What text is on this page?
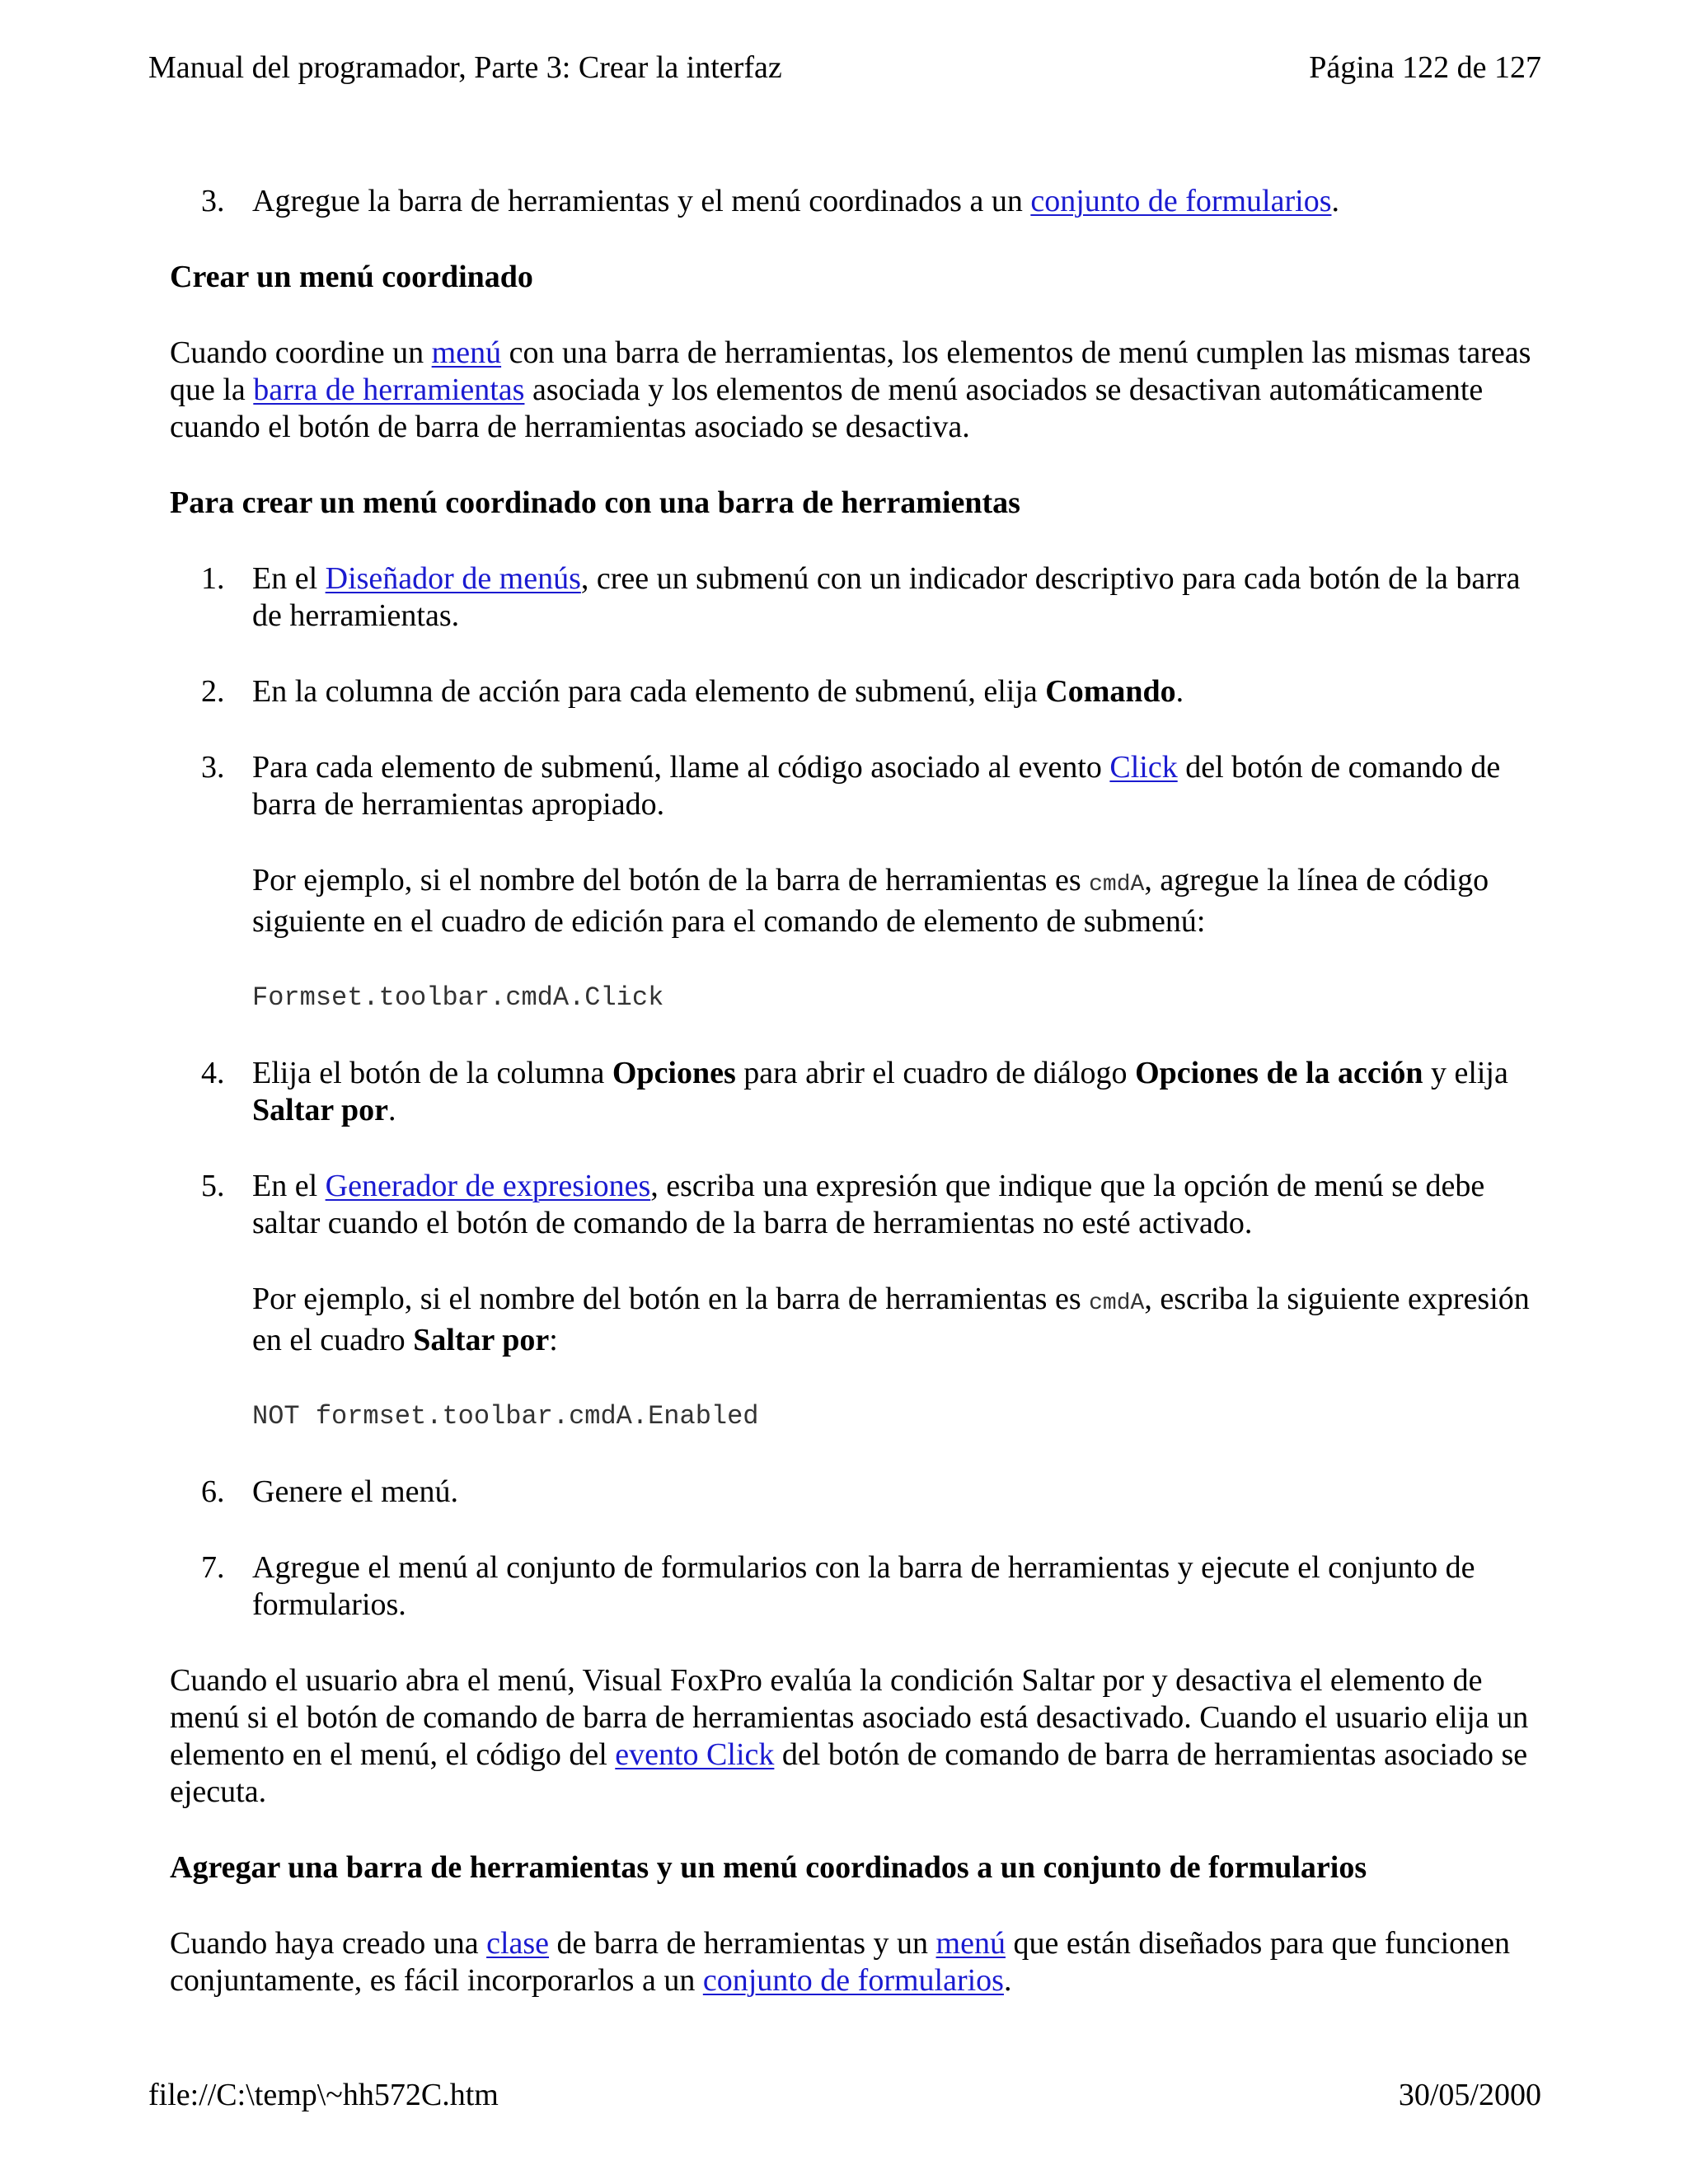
Manual del programador, Parte 3: Crear la interfaz	Página 122 de 127
3. Agregue la barra de herramientas y el menú coordinados a un conjunto de formularios.

Crear un menú coordinado

Cuando coordine un menú con una barra de herramientas, los elementos de menú cumplen las mismas tareas que la barra de herramientas asociada y los elementos de menú asociados se desactivan automáticamente cuando el botón de barra de herramientas asociado se desactiva.

Para crear un menú coordinado con una barra de herramientas

1. En el Diseñador de menús, cree un submenú con un indicador descriptivo para cada botón de la barra de herramientas.

2. En la columna de acción para cada elemento de submenú, elija Comando.

3. Para cada elemento de submenú, llame al código asociado al evento Click del botón de comando de barra de herramientas apropiado.

Por ejemplo, si el nombre del botón de la barra de herramientas es cmdA, agregue la línea de código siguiente en el cuadro de edición para el comando de elemento de submenú:

Formset.toolbar.cmdA.Click

4. Elija el botón de la columna Opciones para abrir el cuadro de diálogo Opciones de la acción y elija Saltar por.

5. En el Generador de expresiones, escriba una expresión que indique que la opción de menú se debe saltar cuando el botón de comando de la barra de herramientas no esté activado.

Por ejemplo, si el nombre del botón en la barra de herramientas es cmdA, escriba la siguiente expresión en el cuadro Saltar por:

NOT formset.toolbar.cmdA.Enabled

6. Genere el menú.

7. Agregue el menú al conjunto de formularios con la barra de herramientas y ejecute el conjunto de formularios.

Cuando el usuario abra el menú, Visual FoxPro evalúa la condición Saltar por y desactiva el elemento de menú si el botón de comando de barra de herramientas asociado está desactivado. Cuando el usuario elija un elemento en el menú, el código del evento Click del botón de comando de barra de herramientas asociado se ejecuta.

Agregar una barra de herramientas y un menú coordinados a un conjunto de formularios

Cuando haya creado una clase de barra de herramientas y un menú que están diseñados para que funcionen conjuntamente, es fácil incorporarlos a un conjunto de formularios.

file://C:\temp\~hh572C.htm	30/05/2000
